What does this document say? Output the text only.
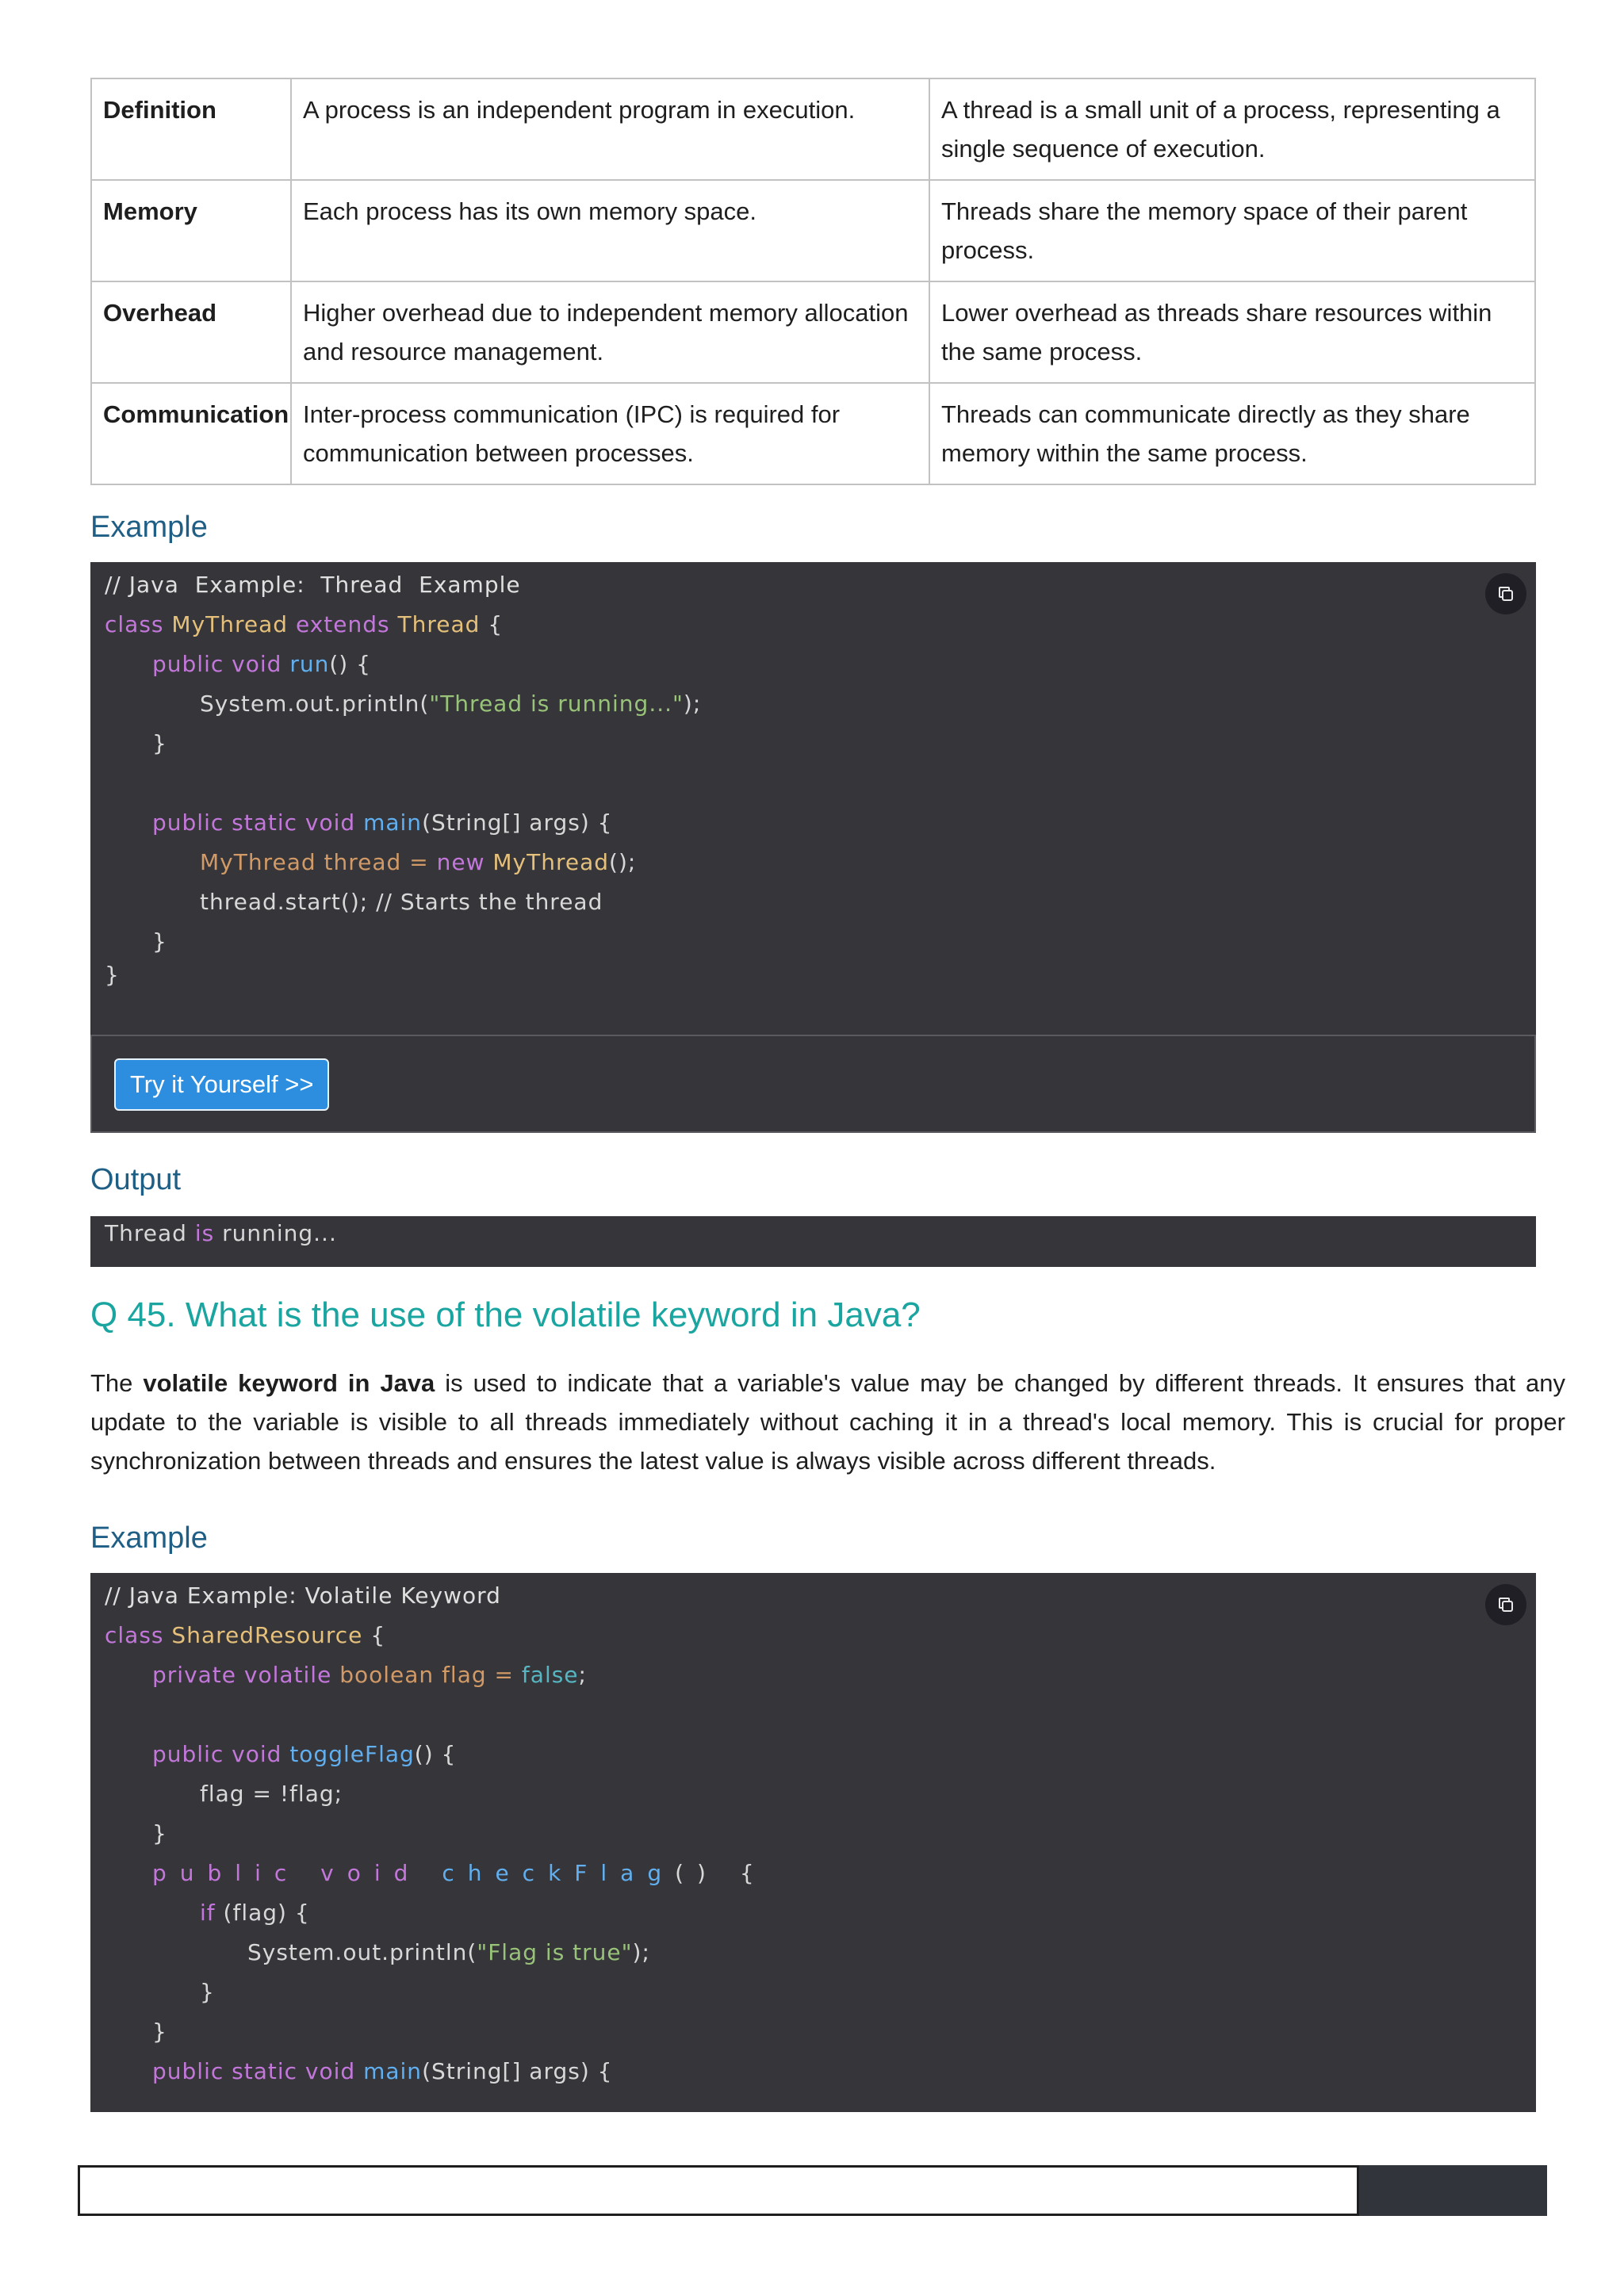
Definition	A process is an independent program in execution.	A thread is a small unit of a process, representing a single sequence of execution.
Memory	Each process has its own memory space.	Threads share the memory space of their parent process.
Overhead	Higher overhead due to independent memory allocation and resource management.	Lower overhead as threads share resources within the same process.
Communication	Inter-process communication (IPC) is required for communication between processes.	Threads can communicate directly as they share memory within the same process.
Example
// Java  Example:  Thread  Example
class MyThread extends Thread {
public void run() {
System.out.println("Thread is running...");
}
public static void main(String[] args) {
MyThread thread = new MyThread();
thread.start(); // Starts the thread
}
}
Try it Yourself >>
Output
Thread is running...
Q 45. What is the use of the volatile keyword in Java?

The volatile keyword in Java is used to indicate that a variable's value may be changed by different threads. It ensures that any update to the variable is visible to all threads immediately without caching it in a thread's local memory. This is crucial for proper synchronization between threads and ensures the latest value is always visible across different threads.

Example
// Java Example: Volatile Keyword
class SharedResource {
private volatile boolean flag = false;
public void toggleFlag() {
flag = !flag;
}
public void checkFlag() {
if (flag) {
System.out.println("Flag is true");
}
}
public static void main(String[] args) {
